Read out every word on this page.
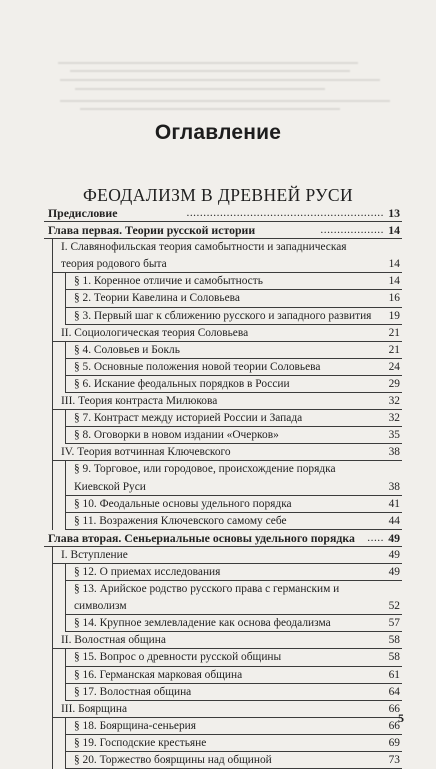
Оглавление
ФЕОДАЛИЗМ В ДРЕВНЕЙ РУСИ
Предисловие	........................................................... 13
Глава первая. Теории русской истории	................... 14
I. Славянофильская теория самобытности и западническая теория родового быта	14
§ 1. Коренное отличие и самобытность	14
§ 2. Теории Кавелина и Соловьева	16
§ 3. Первый шаг к сближению русского и западного развития 19
II. Социологическая теория Соловьева	21
§ 4. Соловьев и Бокль	21
§ 5. Основные положения новой теории Соловьева	24
§ 6. Искание феодальных порядков в России	29
III. Теория контраста Милюкова	32
§ 7. Контраст между историей России и Запада	32
§ 8. Оговорки в новом издании «Очерков»	35
IV. Теория вотчинная Ключевского	38
§ 9. Торговое, или городовое, происхождение порядка Киевской Руси	38
§ 10. Феодальные основы удельного порядка	41
§ 11. Возражения Ключевского самому себе	44
Глава вторая. Сеньериальные основы удельного порядка	..... 49
I. Вступление	49
§ 12. О приемах исследования	49
§ 13. Арийское родство русского права с германским и символизм	52
§ 14. Крупное землевладение как основа феодализма	57
II. Волостная община	58
§ 15. Вопрос о древности русской общины	58
§ 16. Германская марковая община	61
§ 17. Волостная община	64
III. Боярщина	66
§ 18. Боярщина-сеньерия	66
§ 19. Господские крестьяне	69
§ 20. Торжество боярщины над общиной	73
5
